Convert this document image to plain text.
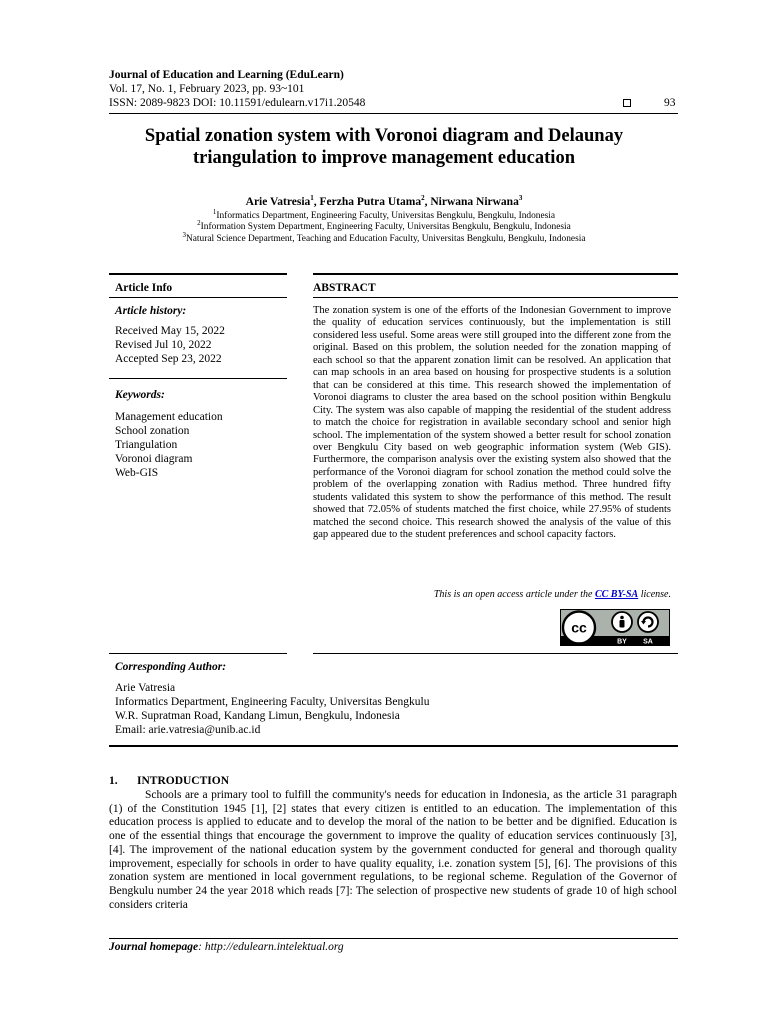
Journal of Education and Learning (EduLearn)
Vol. 17, No. 1, February 2023, pp. 93~101
ISSN: 2089-9823 DOI: 10.11591/edulearn.v17i1.20548	93
Spatial zonation system with Voronoi diagram and Delaunay
triangulation to improve management education
Arie Vatresia$^1$, Ferzha Putra Utama$^2$, Nirwana Nirwana$^3$
$^1$Informatics Department, Engineering Faculty, Universitas Bengkulu, Bengkulu, Indonesia
$^2$Information System Department, Engineering Faculty, Universitas Bengkulu, Bengkulu, Indonesia
$^3$Natural Science Department, Teaching and Education Faculty, Universitas Bengkulu, Bengkulu, Indonesia
Article Info
Article history:
Received May 15, 2022
Revised Jul 10, 2022
Accepted Sep 23, 2022
Keywords:
Management education
School zonation
Triangulation
Voronoi diagram
Web-GIS
ABSTRACT
The zonation system is one of the efforts of the Indonesian Government to improve the quality of education services continuously, but the implementation is still considered less useful. Some areas were still grouped into the different zone from the original. Based on this problem, the solution needed for the zonation mapping of each school so that the apparent zonation limit can be resolved. An application that can map schools in an area based on housing for prospective students is a solution that can be considered at this time. This research showed the implementation of Voronoi diagrams to cluster the area based on the school position within Bengkulu City. The system was also capable of mapping the residential of the student address to match the choice for registration in available secondary school and senior high school. The implementation of the system showed a better result for school zonation over Bengkulu City based on web geographic information system (Web GIS). Furthermore, the comparison analysis over the existing system also showed that the performance of the Voronoi diagram for school zonation the method could solve the problem of the overlapping zonation with Radius method. Three hundred fifty students validated this system to show the performance of this method. The result showed that 72.05% of students matched the first choice, while 27.95% of students matched the second choice. This research showed the analysis of the value of this gap appeared due to the student preferences and school capacity factors.
This is an open access article under the CC BY-SA license.
cc
BY SA
Corresponding Author:
Arie Vatresia
Informatics Department, Engineering Faculty, Universitas Bengkulu
W.R. Supratman Road, Kandang Limun, Bengkulu, Indonesia
Email: arie.vatresia@unib.ac.id
1. INTRODUCTION
Schools are a primary tool to fulfill the community's needs for education in Indonesia, as the article 31 paragraph (1) of the Constitution 1945 [1], [2] states that every citizen is entitled to an education. The implementation of this education process is applied to educate and to develop the moral of the nation to be better and be dignified. Education is one of the essential things that encourage the government to improve the quality of education services continuously [3], [4]. The improvement of the national education system by the government conducted for general and thorough quality improvement, especially for schools in order to have quality equality, i.e. zonation system [5], [6]. The provisions of this zonation system are mentioned in local government regulations, to be regional scheme. Regulation of the Governor of Bengkulu number 24 the year 2018 which reads [7]: The selection of prospective new students of grade 10 of high school considers criteria
Journal homepage: http://edulearn.intelektual.org
